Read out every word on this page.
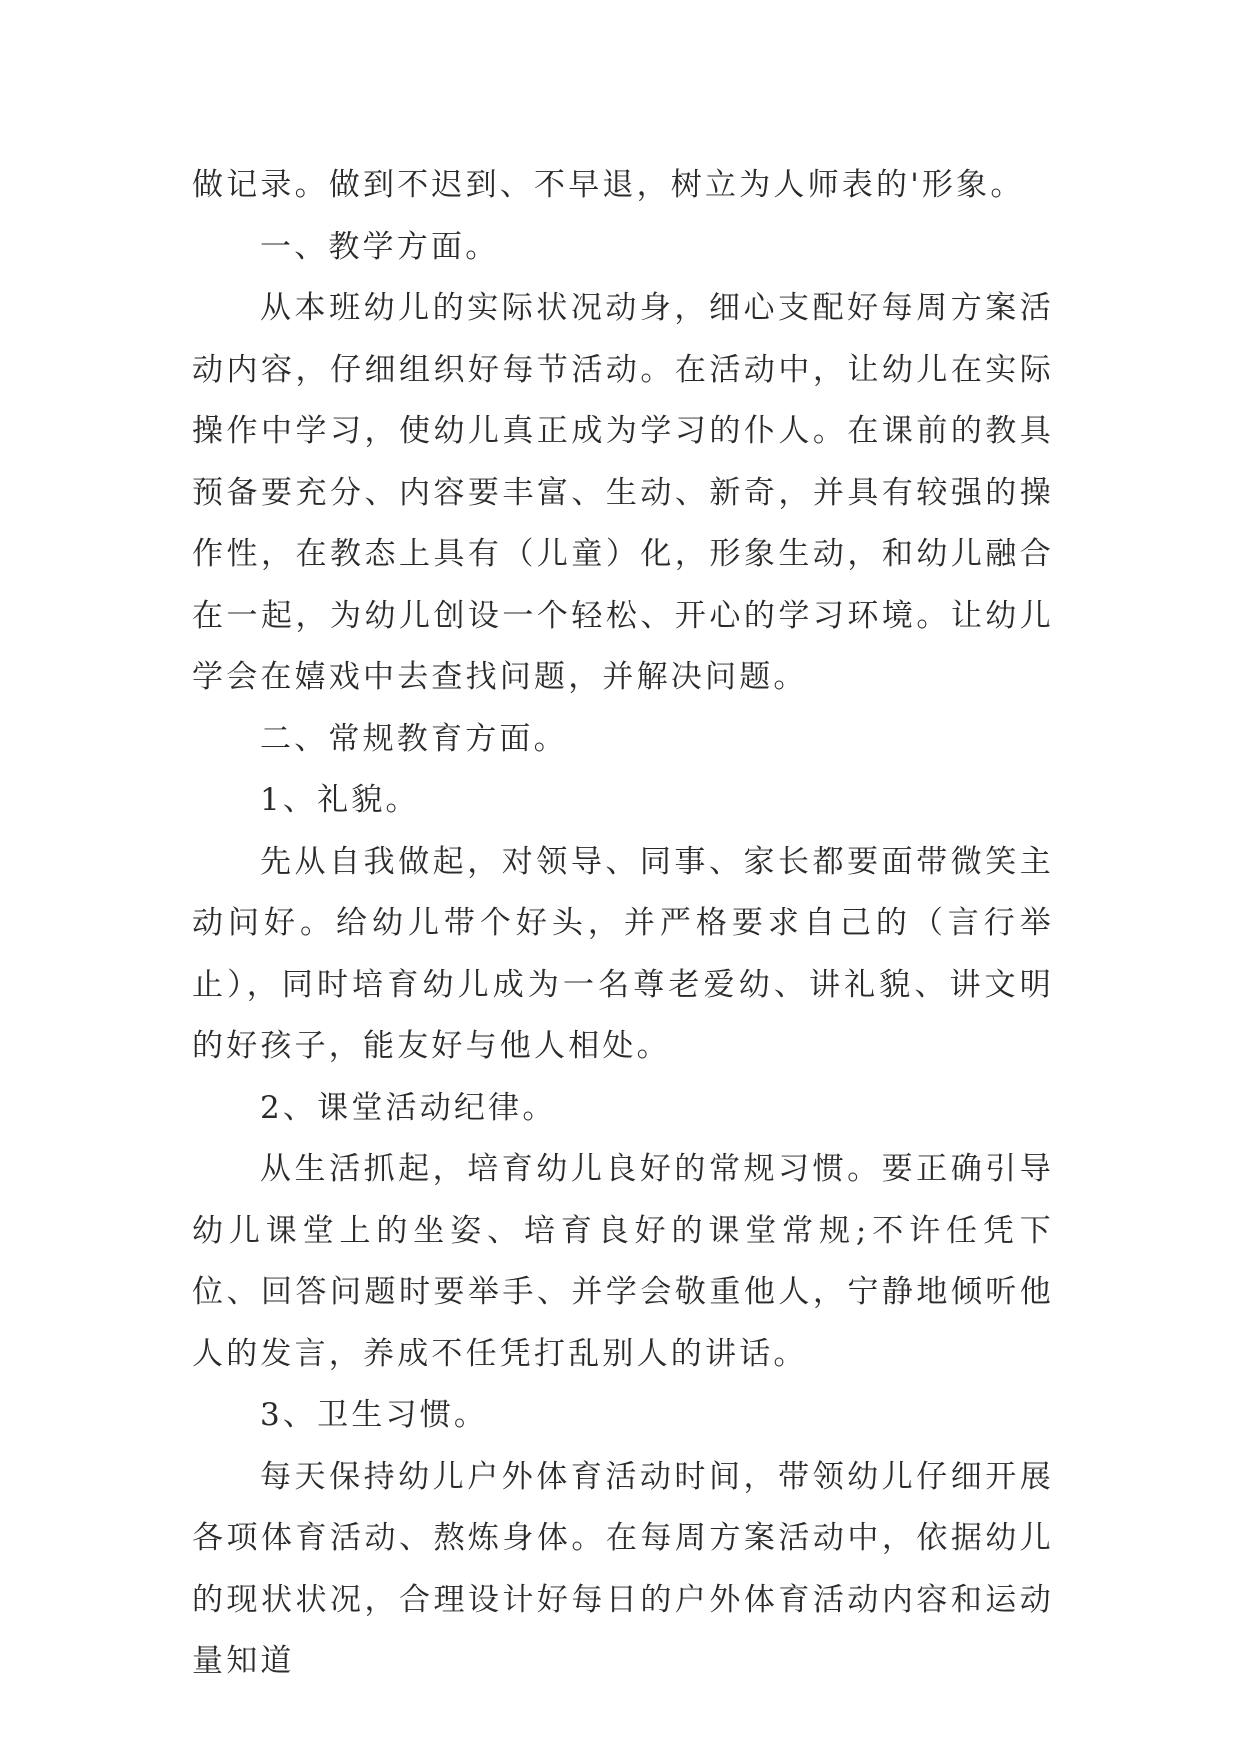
做记录。做到不迟到、不早退，树立为人师表的'形象。

一、教学方面。

从本班幼儿的实际状况动身，细心支配好每周方案活动内容，仔细组织好每节活动。在活动中，让幼儿在实际操作中学习，使幼儿真正成为学习的仆人。在课前的教具预备要充分、内容要丰富、生动、新奇，并具有较强的操作性，在教态上具有（儿童）化，形象生动，和幼儿融合在一起，为幼儿创设一个轻松、开心的学习环境。让幼儿学会在嬉戏中去查找问题，并解决问题。

二、常规教育方面。

1、礼貌。

先从自我做起，对领导、同事、家长都要面带微笑主动问好。给幼儿带个好头，并严格要求自己的（言行举止），同时培育幼儿成为一名尊老爱幼、讲礼貌、讲文明的好孩子，能友好与他人相处。

2、课堂活动纪律。

从生活抓起，培育幼儿良好的常规习惯。要正确引导幼儿课堂上的坐姿、培育良好的课堂常规;不许任凭下位、回答问题时要举手、并学会敬重他人，宁静地倾听他人的发言，养成不任凭打乱别人的讲话。

3、卫生习惯。

每天保持幼儿户外体育活动时间，带领幼儿仔细开展各项体育活动、熬炼身体。在每周方案活动中，依据幼儿的现状状况，合理设计好每日的户外体育活动内容和运动量知道
